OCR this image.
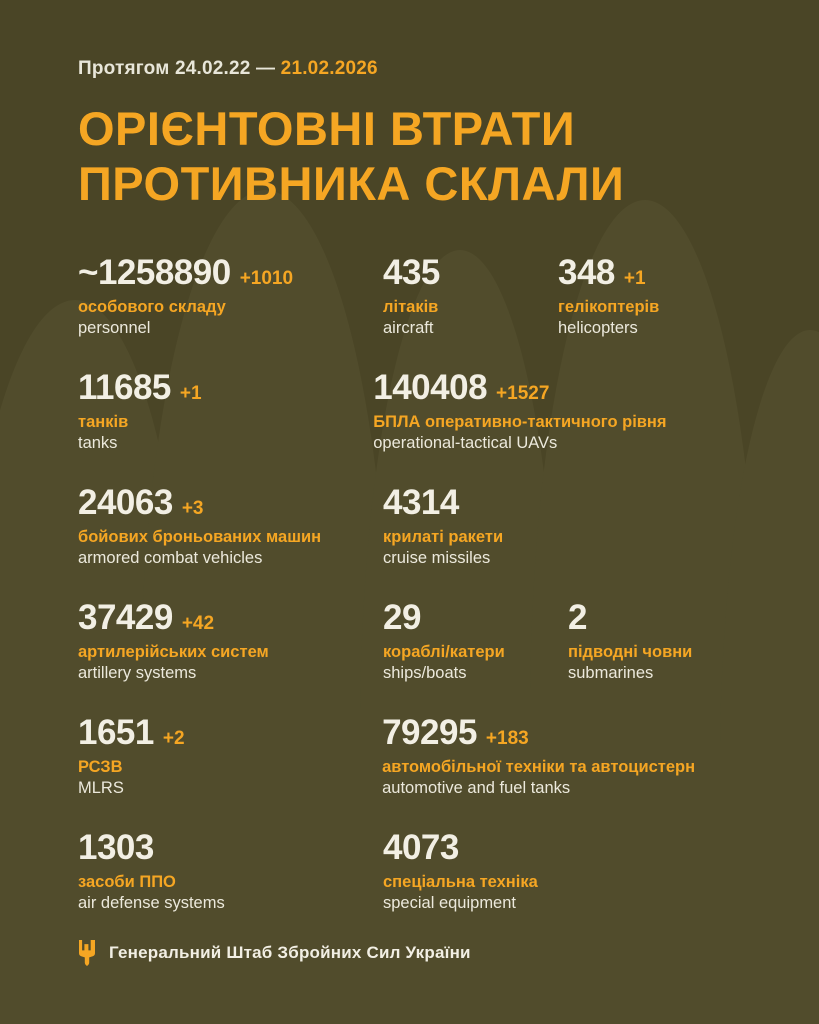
Протягом 24.02.22 — 21.02.2026
ОРІЄНТОВНІ ВТРАТИ
ПРОТИВНИКА СКЛАЛИ
~1258890 +1010
особового складу
personnel
435
літаків
aircraft
348 +1
гелікоптерів
helicopters
11685 +1
танків
tanks
140408 +1527
БПЛА оперативно-тактичного рівня
operational-tactical UAVs
24063 +3
бойових броньованих машин
armored combat vehicles
4314
крилаті ракети
cruise missiles
37429 +42
артилерійських систем
artillery systems
29
кораблі/катери
ships/boats
2
підводні човни
submarines
1651 +2
РСЗВ
MLRS
79295 +183
автомобільної техніки та автоцистерн
automotive and fuel tanks
1303
засоби ППО
air defense systems
4073
спеціальна техніка
special equipment
Генеральний Штаб Збройних Сил України
